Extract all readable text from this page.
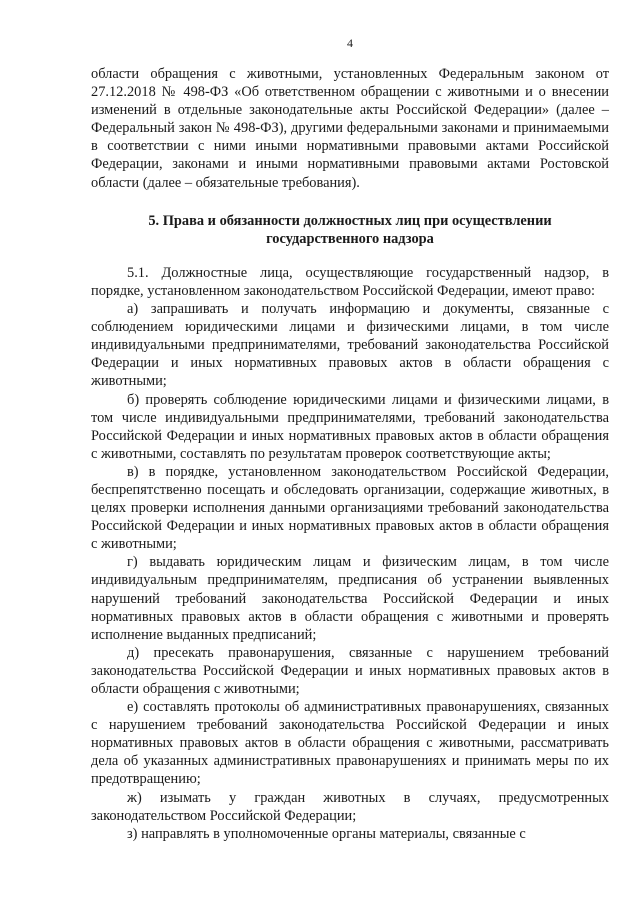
4

области обращения с животными, установленных Федеральным законом от 27.12.2018 № 498-ФЗ «Об ответственном обращении с животными и о внесении изменений в отдельные законодательные акты Российской Федерации» (далее – Федеральный закон № 498-ФЗ), другими федеральными законами и принимаемыми в соответствии с ними иными нормативными правовыми актами Российской Федерации, законами и иными нормативными правовыми актами Ростовской области (далее – обязательные требования).

5. Права и обязанности должностных лиц при осуществлении
государственного надзора

5.1. Должностные лица, осуществляющие государственный надзор, в порядке, установленном законодательством Российской Федерации, имеют право:

а) запрашивать и получать информацию и документы, связанные с соблюдением юридическими лицами и физическими лицами, в том числе индивидуальными предпринимателями, требований законодательства Российской Федерации и иных нормативных правовых актов в области обращения с животными;

б) проверять соблюдение юридическими лицами и физическими лицами, в том числе индивидуальными предпринимателями, требований законодательства Российской Федерации и иных нормативных правовых актов в области обращения с животными, составлять по результатам проверок соответствующие акты;

в) в порядке, установленном законодательством Российской Федерации, беспрепятственно посещать и обследовать организации, содержащие животных, в целях проверки исполнения данными организациями требований законодательства Российской Федерации и иных нормативных правовых актов в области обращения с животными;

г) выдавать юридическим лицам и физическим лицам, в том числе индивидуальным предпринимателям, предписания об устранении выявленных нарушений требований законодательства Российской Федерации и иных нормативных правовых актов в области обращения с животными и проверять исполнение выданных предписаний;

д) пресекать правонарушения, связанные с нарушением требований законодательства Российской Федерации и иных нормативных правовых актов в области обращения с животными;

е) составлять протоколы об административных правонарушениях, связанных с нарушением требований законодательства Российской Федерации и иных нормативных правовых актов в области обращения с животными, рассматривать дела об указанных административных правонарушениях и принимать меры по их предотвращению;

ж) изымать у граждан животных в случаях, предусмотренных законодательством Российской Федерации;

з) направлять в уполномоченные органы материалы, связанные с
